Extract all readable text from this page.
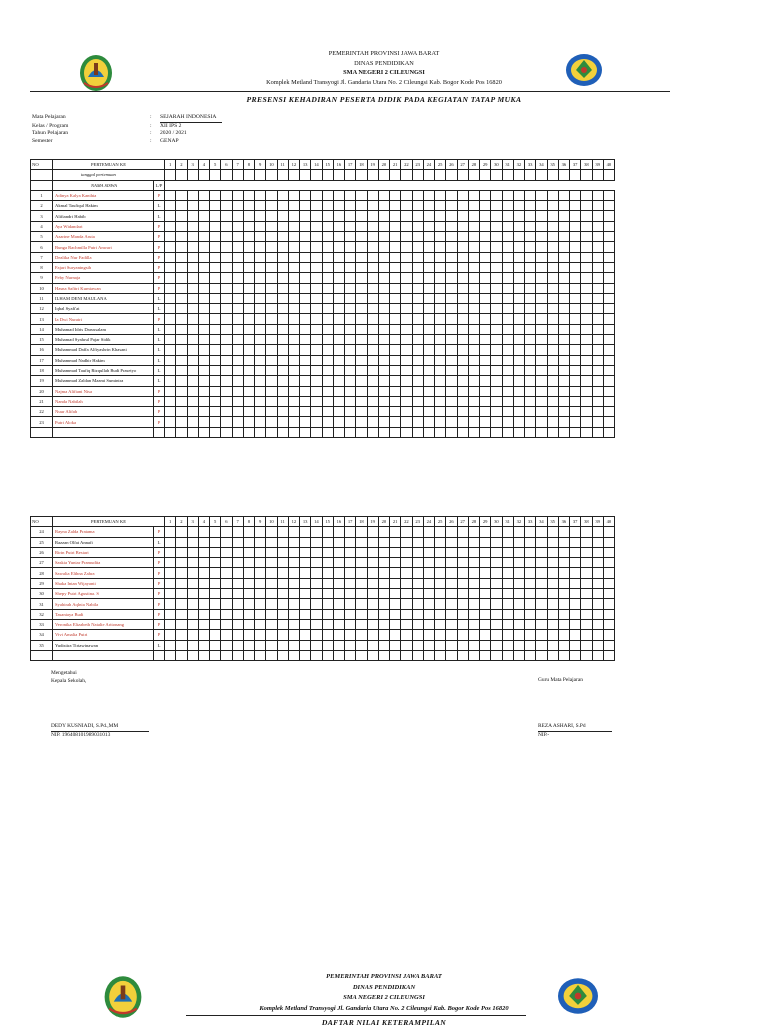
PEMERINTAH PROVINSI JAWA BARAT
DINAS PENDIDIKAN
SMA NEGERI 2 CILEUNGSI
Komplek Metland Transyogi Jl. Gandaria Utara No. 2 Cileungsi Kab. Bogor Kode Pos 16820
PRESENSI KEHADIRAN PESERTA DIDIK PADA KEGIATAN TATAP MUKA
Mata Pelajaran	:	SEJARAH INDONESIA
Kelas / Program	:	XII IPS 2
Tahun Pelajaran	:	2020 / 2021
Semester	:	GENAP
NO	PERTEMUAN KE		1	2	3	4	5	6	7	8	9	10	11	12	13	14	15	16	17	18	19	20	21	22	23	24	25	26	27	28	29	30	31	32	33	34	35	36	37	38	39	40
	tanggal pertemuan																																									
	NAMA SISWA	L/P																																								
1	Adinya Kalya Kanthia	P																																								
2	Akmal Taufiqul Hakim	L																																								
3	Alifiandri Habib	L																																								
4	Aya Widandari	P																																								
5	Azarine Manda Aruta	P																																								
6	Bunga Rachmilla Putri Anwari	P																																								
7	Dealika Nur Fadilla	P																																								
8	Fajari Suryaningsih	P																																								
9	Feby Nurnaja	P																																								
10	Hasna Safitri Kurniawan	P																																								
11	ILHAM DENI MAULANA	L																																								
12	Iqbal Syafi'at	L																																								
13	Ia Dwi Nurairi	P																																								
14	Muhamad Idris Darussalam	L																																								
15	Muhamad Syahrul Pajar Sidik	L																																								
16	Muhammad Daffa Alfiyashrin Khasani	L																																								
17	Muhammad Nadhir Hakim	L																																								
18	Muhammad Taufiq Rizqullah Budi Prasetyo	L																																								
19	Muhammad Zaldan Mazmi Sumintra	L																																								
20	Najma Alifiani Nisa	P																																								
21	Nanda Nabilah	P																																								
22	Nuur Alifah	P																																								
23	Putri Aloka	P																																								

NO	PERTEMUAN KE		1	2	3	4	5	6	7	8	9	10	11	12	13	14	15	16	17	18	19	20	21	22	23	24	25	26	27	28	29	30	31	32	33	34	35	36	37	38	39	40
24	Rayna Zalda Pratama	P																																								
25	Razzan Olfat Annafi	L																																								
26	Ririn Putri Bestari	P																																								
27	Saskia Yuniar Pramudita	P																																								
28	Sawalia Elthna Zahra	P																																								
29	Shaka Intan Wijayanti	P																																								
30	Shepy Putri Agustina. S	P																																								
31	Syahirah Aqlnia Nabila	P																																								
32	Tasaniaya Budi	P																																								
33	Veronika Elizabeth Natalie Aritonang	P																																								
34	Vivi Amalia Putri	P																																								
35	Yudistira Tirtawinawan	L																																								

Mengetahui
Kepala Sekolah,
DEDY KUSNIADI, S.Pd.,MM
NIP. 196408101989031013
Guru Mata Pelajaran
REZA ASHARI, S.Pd
NIP.-
PEMERINTAH PROVINSI JAWA BARAT
DINAS PENDIDIKAN
SMA NEGERI 2 CILEUNGSI
Komplek Metland Transyogi Jl. Gandaria Utara No. 2 Cileungsi Kab. Bogor Kode Pos 16820
DAFTAR NILAI KETERAMPILAN
